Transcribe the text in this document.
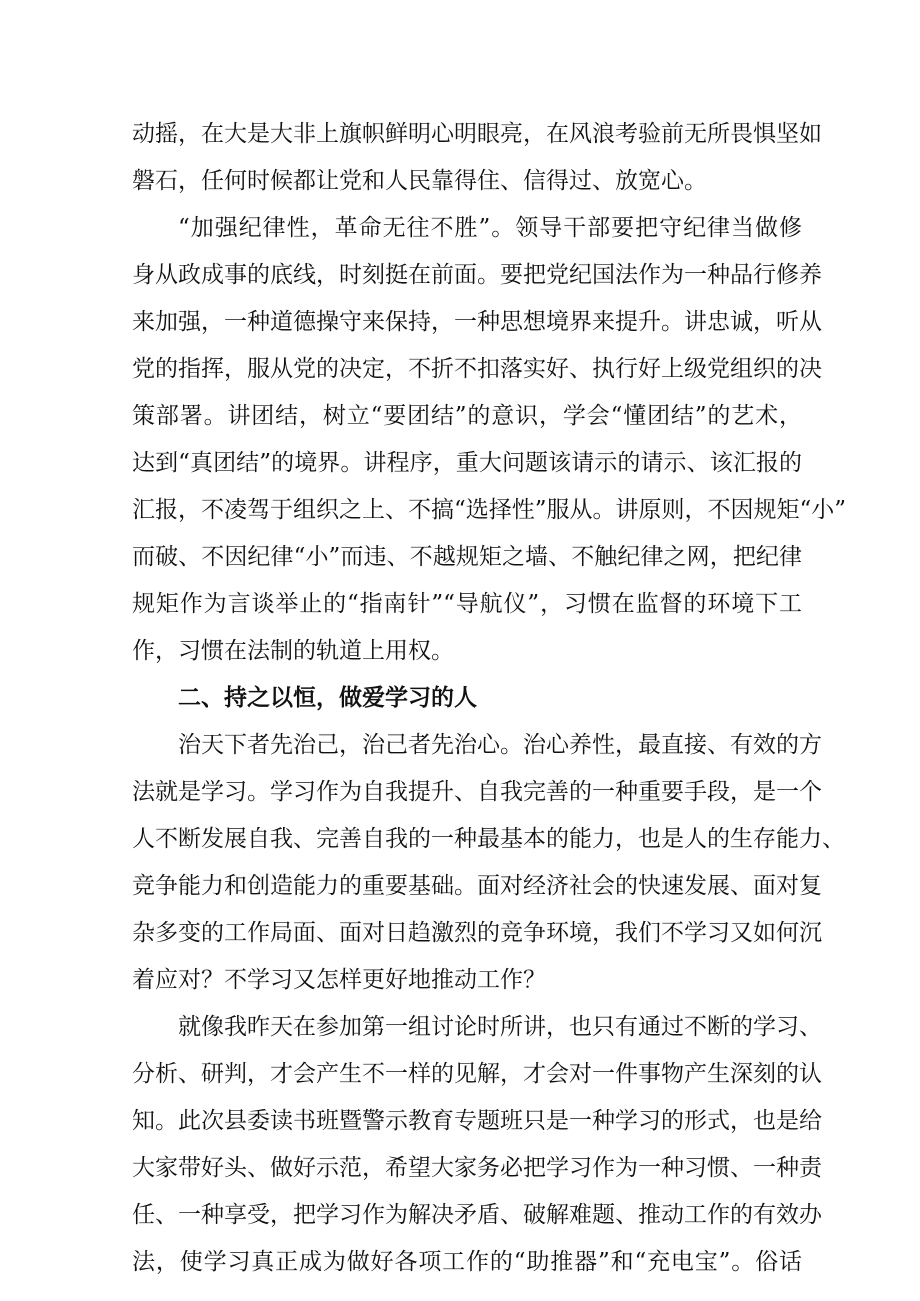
动摇，在大是大非上旗帜鲜明心明眼亮，在风浪考验前无所畏惧坚如
磐石，任何时候都让党和人民靠得住、信得过、放宽心。
“加强纪律性，革命无往不胜”。领导干部要把守纪律当做修
身从政成事的底线，时刻挺在前面。要把党纪国法作为一种品行修养
来加强，一种道德操守来保持，一种思想境界来提升。讲忠诚，听从
党的指挥，服从党的决定，不折不扣落实好、执行好上级党组织的决
策部署。讲团结，树立“要团结”的意识，学会“懂团结”的艺术，
达到“真团结”的境界。讲程序，重大问题该请示的请示、该汇报的
汇报，不凌驾于组织之上、不搞“选择性”服从。讲原则，不因规矩“小”
而破、不因纪律“小”而违、不越规矩之墙、不触纪律之网，把纪律
规矩作为言谈举止的“指南针”“导航仪”，习惯在监督的环境下工
作，习惯在法制的轨道上用权。
二、持之以恒，做爱学习的人
治天下者先治己，治己者先治心。治心养性，最直接、有效的方
法就是学习。学习作为自我提升、自我完善的一种重要手段，是一个
人不断发展自我、完善自我的一种最基本的能力，也是人的生存能力、
竞争能力和创造能力的重要基础。面对经济社会的快速发展、面对复
杂多变的工作局面、面对日趋激烈的竞争环境，我们不学习又如何沉
着应对？不学习又怎样更好地推动工作？
就像我昨天在参加第一组讨论时所讲，也只有通过不断的学习、
分析、研判，才会产生不一样的见解，才会对一件事物产生深刻的认
知。此次县委读书班暨警示教育专题班只是一种学习的形式，也是给
大家带好头、做好示范，希望大家务必把学习作为一种习惯、一种责
任、一种享受，把学习作为解决矛盾、破解难题、推动工作的有效办
法，使学习真正成为做好各项工作的“助推器”和“充电宝”。俗话
